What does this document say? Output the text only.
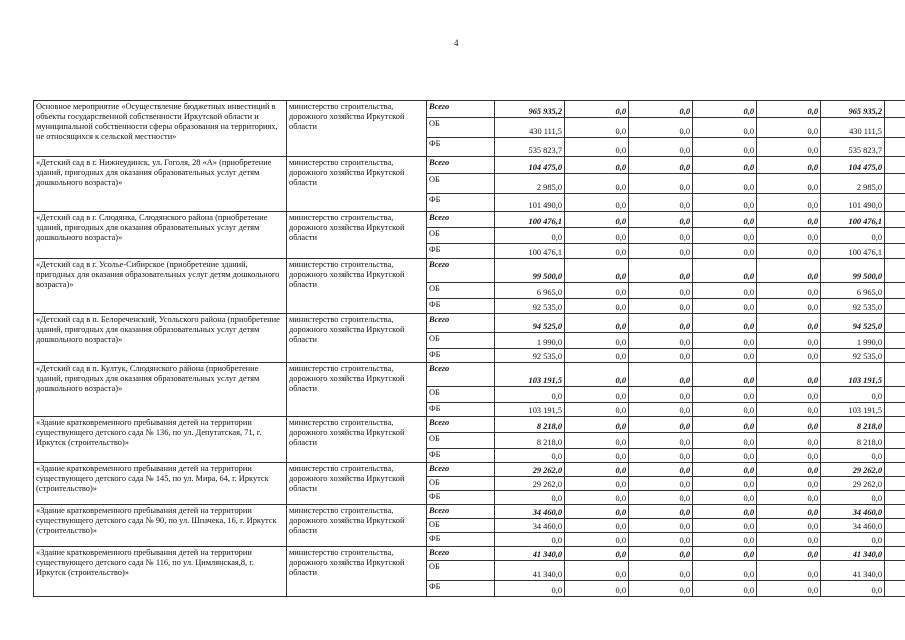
4
Основное мероприятие «Осуществление бюджетных инвестиций в объекты государственной собственности Иркутской области и муниципальной собственности сферы образования на территориях, не относящихся к сельской местности»	министерство строительства, дорожного хозяйства Иркутской области	Всего	965 935,2	0,0	0,0	0,0	0,0	965 935,2	
		ОБ	430 111,5	0,0	0,0	0,0	0,0	430 111,5	
		ФБ	535 823,7	0,0	0,0	0,0	0,0	535 823,7	
«Детский сад в г. Нижнеудинск, ул. Гоголя, 28 «А» (приобретение зданий, пригодных для оказания образовательных услуг детям дошкольного возраста)»	министерство строительства, дорожного хозяйства Иркутской области	Всего	104 475,0	0,0	0,0	0,0	0,0	104 475,0	
		ОБ	2 985,0	0,0	0,0	0,0	0,0	2 985,0	
		ФБ	101 490,0	0,0	0,0	0,0	0,0	101 490,0	
«Детский сад в г. Слюдянка, Слюдянского района (приобретение зданий, пригодных для оказания образовательных услуг детям дошкольного возраста)»	министерство строительства, дорожного хозяйства Иркутской области	Всего	100 476,1	0,0	0,0	0,0	0,0	100 476,1	
		ОБ	0,0	0,0	0,0	0,0	0,0	0,0	
		ФБ	100 476,1	0,0	0,0	0,0	0,0	100 476,1	
«Детский сад в г. Усолье-Сибирское (приобретение зданий, пригодных для оказания образовательных услуг детям дошкольного возраста)»	министерство строительства, дорожного хозяйства Иркутской области	Всего	99 500,0	0,0	0,0	0,0	0,0	99 500,0	
		ОБ	6 965,0	0,0	0,0	0,0	0,0	6 965,0	
		ФБ	92 535,0	0,0	0,0	0,0	0,0	92 535,0	
«Детский сад в п. Белореченский, Усольского района (приобретение зданий, пригодных для оказания образовательных услуг детям дошкольного возраста)»	министерство строительства, дорожного хозяйства Иркутской области	Всего	94 525,0	0,0	0,0	0,0	0,0	94 525,0	
		ОБ	1 990,0	0,0	0,0	0,0	0,0	1 990,0	
		ФБ	92 535,0	0,0	0,0	0,0	0,0	92 535,0	
«Детский сад в п. Култук, Слюдянского района (приобретение зданий, пригодных для оказания образовательных услуг детям дошкольного возраста)»	министерство строительства, дорожного хозяйства Иркутской области	Всего	103 191,5	0,0	0,0	0,0	0,0	103 191,5	
		ОБ	0,0	0,0	0,0	0,0	0,0	0,0	
		ФБ	103 191,5	0,0	0,0	0,0	0,0	103 191,5	
«Здание кратковременного пребывания детей на территории существующего детского сада № 136, по ул. Депутатская, 71, г. Иркутск (строительство)»	министерство строительства, дорожного хозяйства Иркутской области	Всего	8 218,0	0,0	0,0	0,0	0,0	8 218,0	
		ОБ	8 218,0	0,0	0,0	0,0	0,0	8 218,0	
		ФБ	0,0	0,0	0,0	0,0	0,0	0,0	
«Здание кратковременного пребывания детей на территории существующего детского сада № 145, по ул. Мира, 64, г. Иркутск (строительство)»	министерство строительства, дорожного хозяйства Иркутской области	Всего	29 262,0	0,0	0,0	0,0	0,0	29 262,0	
		ОБ	29 262,0	0,0	0,0	0,0	0,0	29 262,0	
		ФБ	0,0	0,0	0,0	0,0	0,0	0,0	
«Здание кратковременного пребывания детей на территории существующего детского сада № 90, по ул. Шпачека, 16, г. Иркутск (строительство)»	министерство строительства, дорожного хозяйства Иркутской области	Всего	34 460,0	0,0	0,0	0,0	0,0	34 460,0	
		ОБ	34 460,0	0,0	0,0	0,0	0,0	34 460,0	
		ФБ	0,0	0,0	0,0	0,0	0,0	0,0	
«Здание кратковременного пребывания детей на территории существующего детского сада № 116, по ул. Цимлянская,8, г. Иркутск (строительство)»	министерство строительства, дорожного хозяйства Иркутской области	Всего	41 340,0	0,0	0,0	0,0	0,0	41 340,0	
		ОБ	41 340,0	0,0	0,0	0,0	0,0	41 340,0	
		ФБ	0,0	0,0	0,0	0,0	0,0	0,0	
